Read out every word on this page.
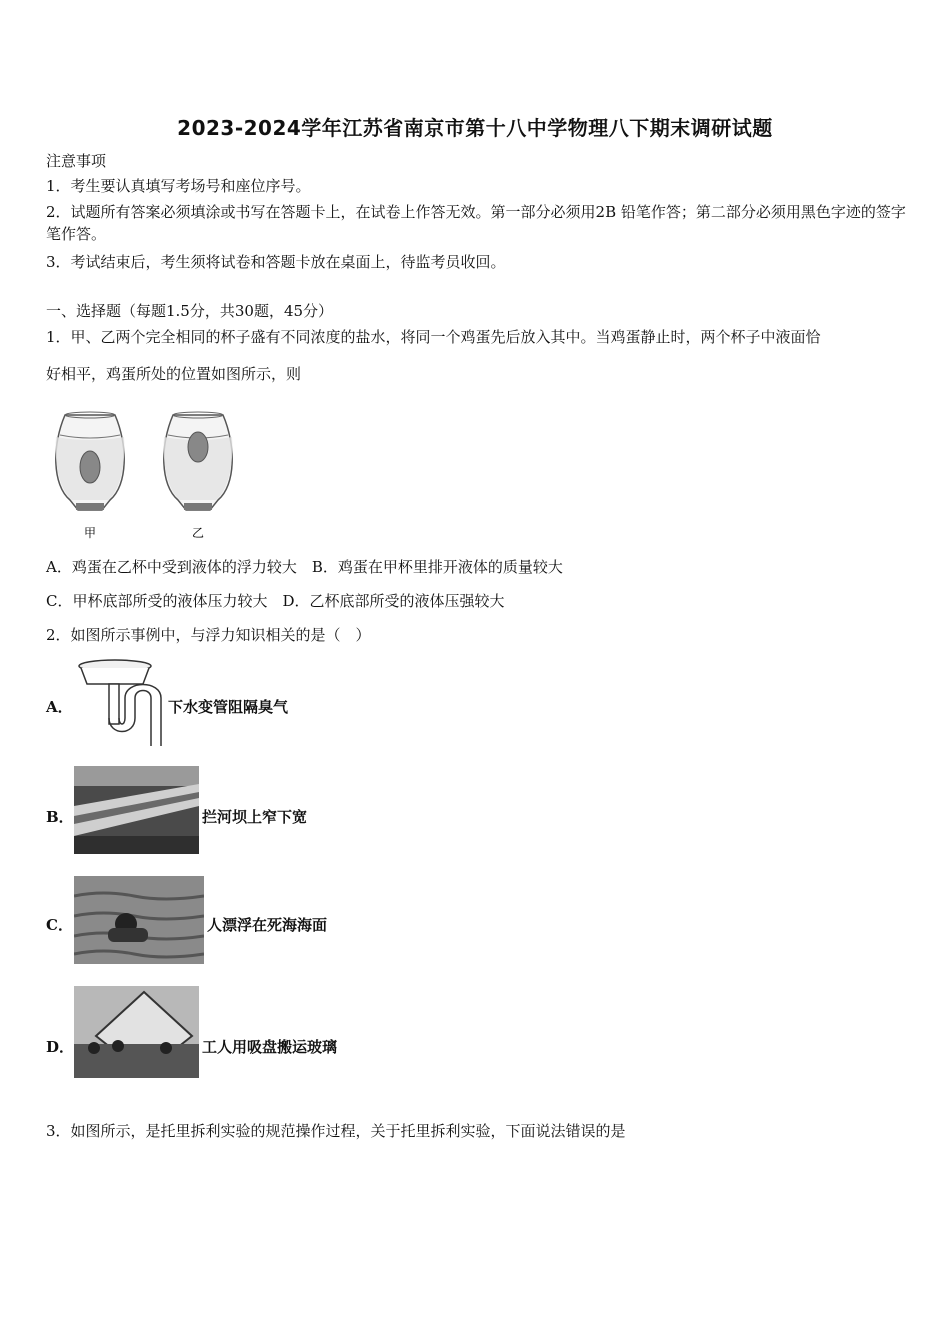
2023-2024学年江苏省南京市第十八中学物理八下期末调研试题
注意事项
1．考生要认真填写考场号和座位序号。
2．试题所有答案必须填涂或书写在答题卡上，在试卷上作答无效。第一部分必须用2B 铅笔作答；第二部分必须用黑色字迹的签字笔作答。
3．考试结束后，考生须将试卷和答题卡放在桌面上，待监考员收回。
一、选择题（每题1.5分，共30题，45分）
1．甲、乙两个完全相同的杯子盛有不同浓度的盐水，将同一个鸡蛋先后放入其中。当鸡蛋静止时，两个杯子中液面恰
好相平，鸡蛋所处的位置如图所示，则
甲	乙
A．鸡蛋在乙杯中受到液体的浮力较大　B．鸡蛋在甲杯里排开液体的质量较大
C．甲杯底部所受的液体压力较大　D．乙杯底部所受的液体压强较大
2．如图所示事例中，与浮力知识相关的是（　）
A．	下水变管阻隔臭气
B．	拦河坝上窄下宽
C．	人漂浮在死海海面
D．	工人用吸盘搬运玻璃
3．如图所示，是托里拆利实验的规范操作过程，关于托里拆利实验，下面说法错误的是
